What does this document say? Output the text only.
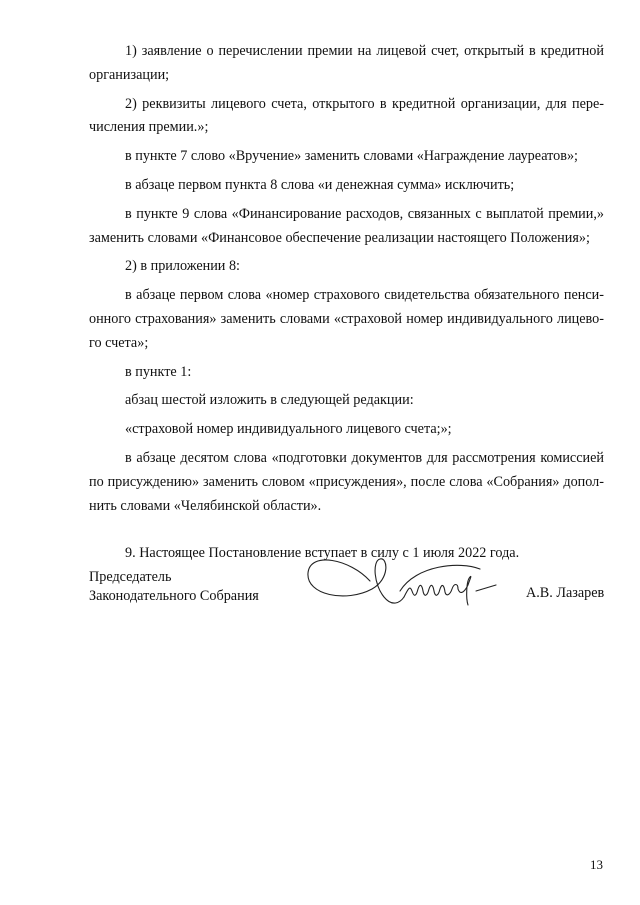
1) заявление о перечислении премии на лицевой счет, открытый в кредитной организации;

2) реквизиты лицевого счета, открытого в кредитной организации, для перечисления премии.»;

в пункте 7 слово «Вручение» заменить словами «Награждение лауреатов»;

в абзаце первом пункта 8 слова «и денежная сумма» исключить;

в пункте 9 слова «Финансирование расходов, связанных с выплатой премии,» заменить словами «Финансовое обеспечение реализации настоящего Положения»;

2) в приложении 8:

в абзаце первом слова «номер страхового свидетельства обязательного пенсионного страхования» заменить словами «страховой номер индивидуального лицевого счета»;

в пункте 1:

абзац шестой изложить в следующей редакции:

«страховой номер индивидуального лицевого счета;»;

в абзаце десятом слова «подготовки документов для рассмотрения комиссией по присуждению» заменить словом «присуждения», после слова «Собрания» дополнить словами «Челябинской области».

9. Настоящее Постановление вступает в силу с 1 июля 2022 года.

Председатель
Законодательного Собрания	А.В. Лазарев
13
